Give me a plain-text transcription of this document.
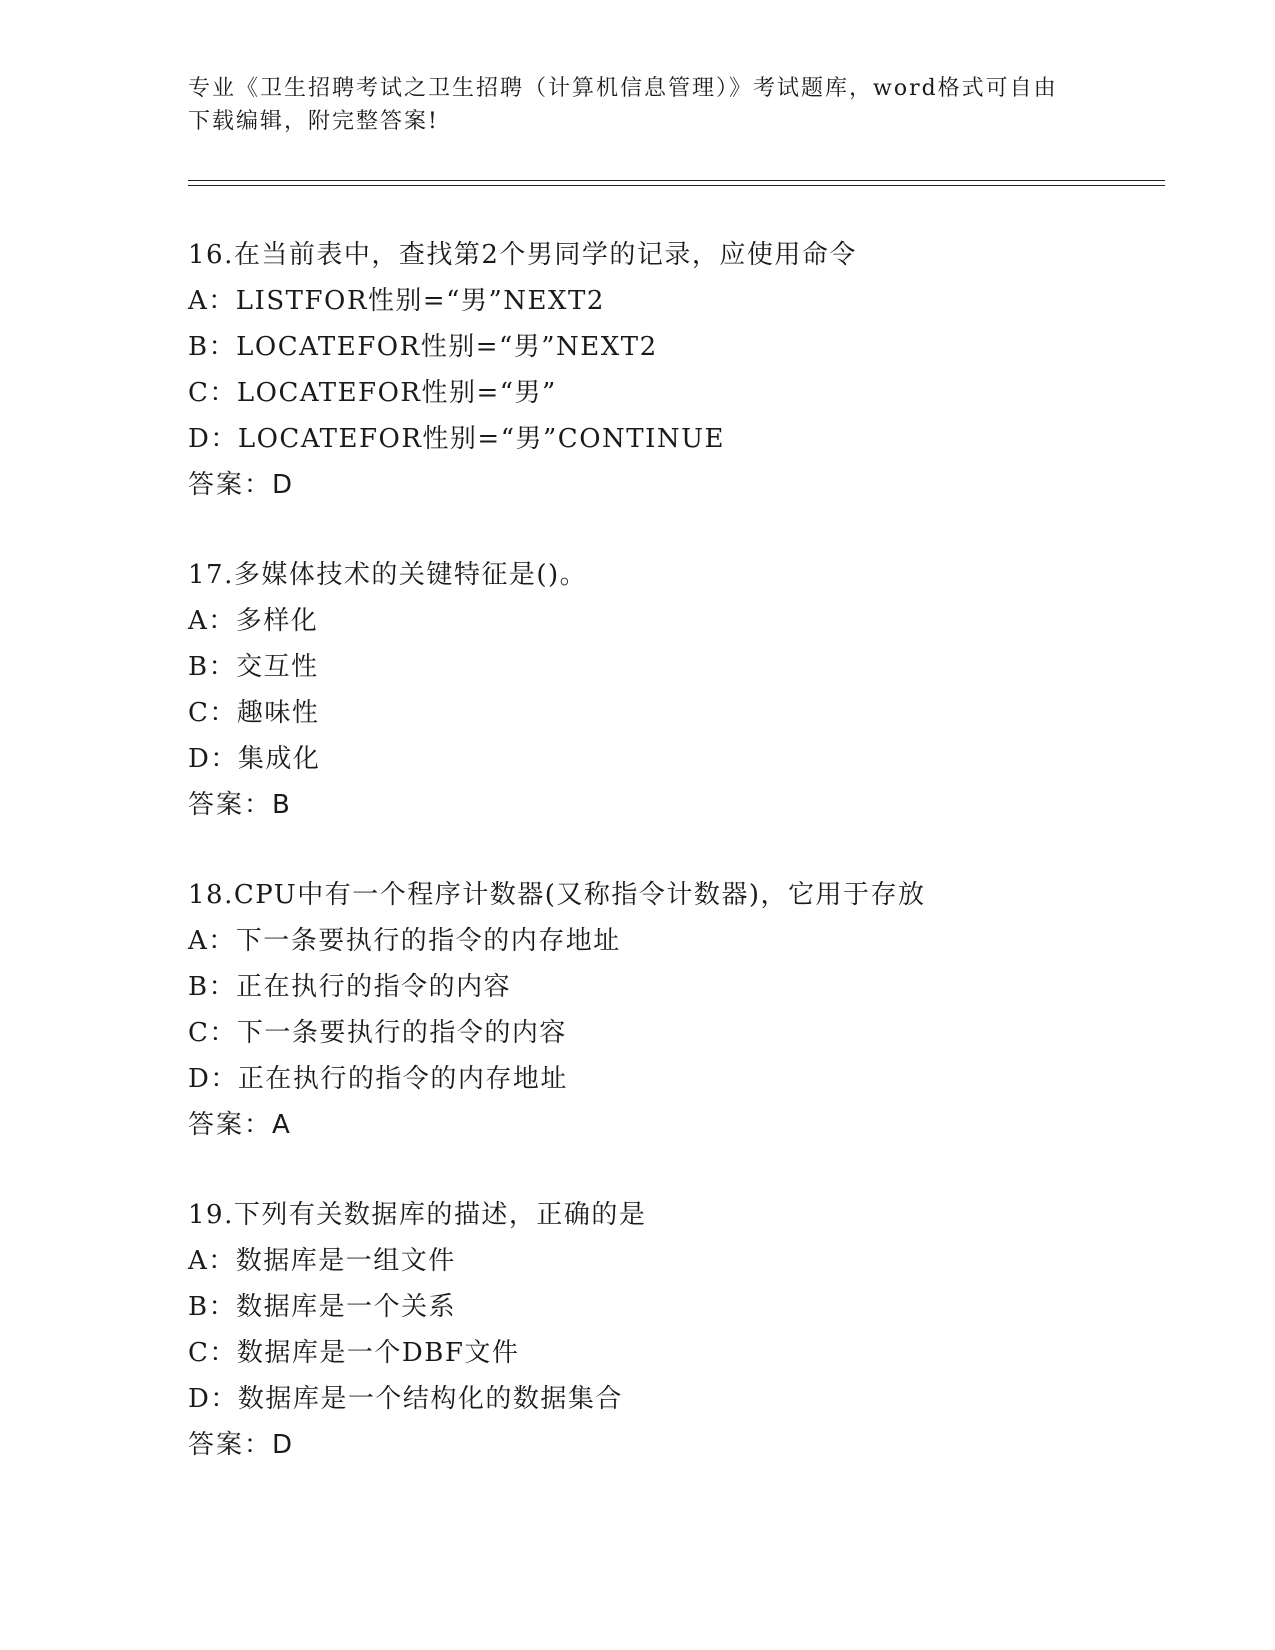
专业《卫生招聘考试之卫生招聘（计算机信息管理）》考试题库，word格式可自由下载编辑，附完整答案!

16.在当前表中，查找第2个男同学的记录，应使用命令
A：LISTFOR性别=“男”NEXT2
B：LOCATEFOR性别=“男”NEXT2
C：LOCATEFOR性别=“男”
D：LOCATEFOR性别=“男”CONTINUE
答案：D
17.多媒体技术的关键特征是()。
A：多样化
B：交互性
C：趣味性
D：集成化
答案：B
18.CPU中有一个程序计数器(又称指令计数器)，它用于存放
A：下一条要执行的指令的内存地址
B：正在执行的指令的内容
C：下一条要执行的指令的内容
D：正在执行的指令的内存地址
答案：A
19.下列有关数据库的描述，正确的是
A：数据库是一组文件
B：数据库是一个关系
C：数据库是一个DBF文件
D：数据库是一个结构化的数据集合
答案：D
